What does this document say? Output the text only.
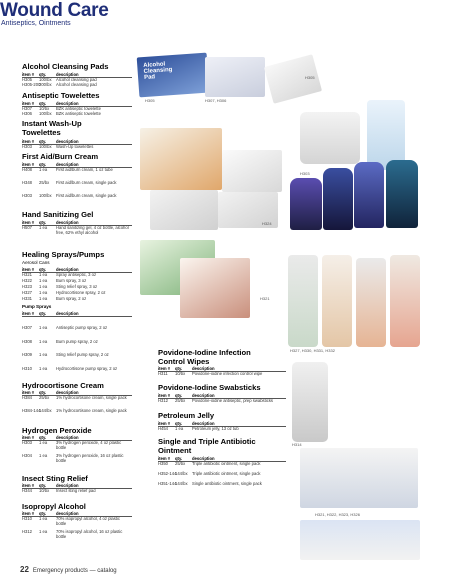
Wound Care
Antiseptics, Ointments
Alcohol Cleansing Pads
item # qty. description
H305 100/bx Alcohol cleansing pad
H305-200
200/bx Alcohol cleansing pad
Antiseptic Towelettes
item # qty. description
H307 10/bx BZK antiseptic towelette
H306 100/bx BZK antiseptic towelette
Instant Wash-Up Towelettes
item # qty. description
H303 100/bx Wash-Up towelettes
First Aid/Burn Cream
item # qty. description
H408 1 ea First aid/burn cream, 1 oz tube
H348 25/bx First aid/burn cream, single pack
H303 100/bx First aid/burn cream, single pack
Hand Sanitizing Gel
item # qty. description
H507 1 ea Hand sanitizing gel, 4 oz bottle, alcohol free, 62% ethyl alcohol
Healing Sprays/Pumps
Aerosol Cans
item # qty. description
H321 1 ea Spray antiseptic, 3 oz
H322 1 ea Burn spray, 3 oz
H323 1 ea Sting relief spray, 3 oz
H327 1 ea Hydrocortisone spray, 2 oz
H331 1 ea Burn spray, 2 oz
Pump Sprays
item # qty. description
H307 1 ea Antiseptic pump spray, 2 oz
H308 1 ea Burn pump spray, 2 oz
H309 1 ea Sting relief pump spray, 2 oz
H310 1 ea Hydrocortisone pump spray, 2 oz
Hydrocortisone Cream
item # qty. description
H384 25/bx 1% hydrocortisone cream, single pack
H384-144
144/bx 1% hydrocortisone cream, single pack
Hydrogen Peroxide
item # qty. description
H303 1 ea 3% hydrogen peroxide, 4 oz plastic bottle
H304 1 ea 3% hydrogen peroxide, 16 oz plastic bottle
Insect Sting Relief
item # qty. description
H344 10/bx Insect sting relief pad
Isopropyl Alcohol
item # qty. description
H310 1 ea 70% isopropyl alcohol, 4 oz plastic bottle
H312 1 ea 70% isopropyl alcohol, 16 oz plastic bottle
Alcohol
Cleansing
Pad
H305	H307, H306
H305
H303
H324
H321
H327, H330, H331, H332
H314
H321, H322, H323, H326
Povidone-Iodine Infection Control Wipes
item # qty. description
H311 10/bx Povidone-iodine infection control wipe
Povidone-Iodine Swabsticks
item # qty. description
H312 25/bx Povidone-iodine antiseptic, prep swabsticks
Petroleum Jelly
item # qty. description
H454 1 ea Petroleum jelly, 13 oz tub
Single and Triple Antibiotic Ointment
item # qty. description
H350 25/bx Triple antibiotic ointment, single pack
H352-144
144/bx Triple antibiotic ointment, single pack
H351-144
144/bx Single antibiotic ointment, single pack
22 Emergency products — catalog
